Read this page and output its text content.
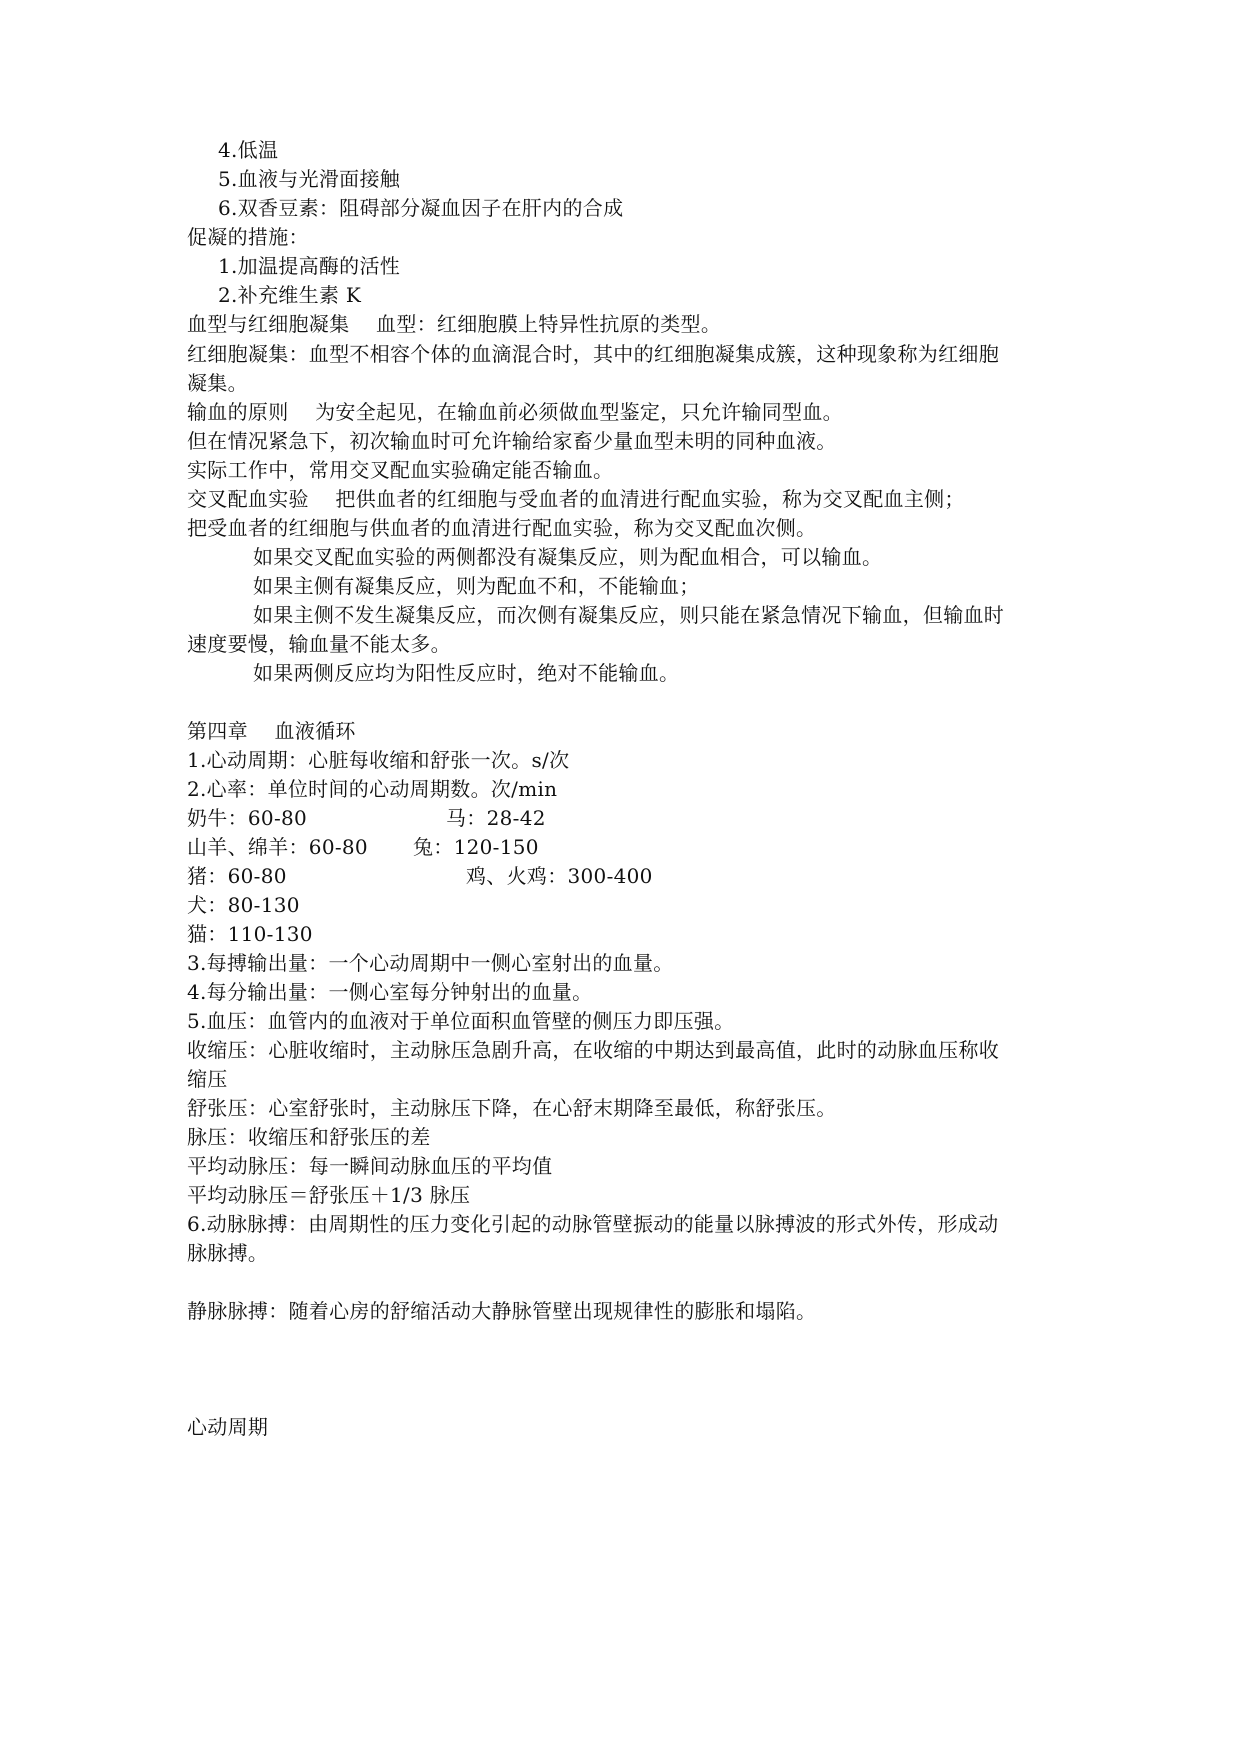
4.低温
5.血液与光滑面接触
6.双香豆素：阻碍部分凝血因子在肝内的合成
促凝的措施：
1.加温提高酶的活性
2.补充维生素 K
血型与红细胞凝集    血型：红细胞膜上特异性抗原的类型。
红细胞凝集：血型不相容个体的血滴混合时，其中的红细胞凝集成簇，这种现象称为红细胞
凝集。
输血的原则    为安全起见，在输血前必须做血型鉴定，只允许输同型血。
但在情况紧急下，初次输血时可允许输给家畜少量血型未明的同种血液。
实际工作中，常用交叉配血实验确定能否输血。
交叉配血实验    把供血者的红细胞与受血者的血清进行配血实验，称为交叉配血主侧；
把受血者的红细胞与供血者的血清进行配血实验，称为交叉配血次侧。
如果交叉配血实验的两侧都没有凝集反应，则为配血相合，可以输血。
如果主侧有凝集反应，则为配血不和，不能输血；
如果主侧不发生凝集反应，而次侧有凝集反应，则只能在紧急情况下输血，但输血时
速度要慢，输血量不能太多。
如果两侧反应均为阳性反应时，绝对不能输血。
第四章    血液循环
1.心动周期：心脏每收缩和舒张一次。s/次
2.心率：单位时间的心动周期数。次/min
奶牛：60-80	马：28-42
山羊、绵羊：60-80 兔：120-150
猪：60-80	鸡、火鸡：300-400
犬：80-130
猫：110-130
3.每搏输出量：一个心动周期中一侧心室射出的血量。
4.每分输出量：一侧心室每分钟射出的血量。
5.血压：血管内的血液对于单位面积血管壁的侧压力即压强。
收缩压：心脏收缩时，主动脉压急剧升高，在收缩的中期达到最高值，此时的动脉血压称收
缩压
舒张压：心室舒张时，主动脉压下降，在心舒末期降至最低，称舒张压。
脉压：收缩压和舒张压的差
平均动脉压：每一瞬间动脉血压的平均值
平均动脉压＝舒张压＋1/3 脉压
6.动脉脉搏：由周期性的压力变化引起的动脉管壁振动的能量以脉搏波的形式外传，形成动
脉脉搏。
静脉脉搏：随着心房的舒缩活动大静脉管壁出现规律性的膨胀和塌陷。
心动周期
